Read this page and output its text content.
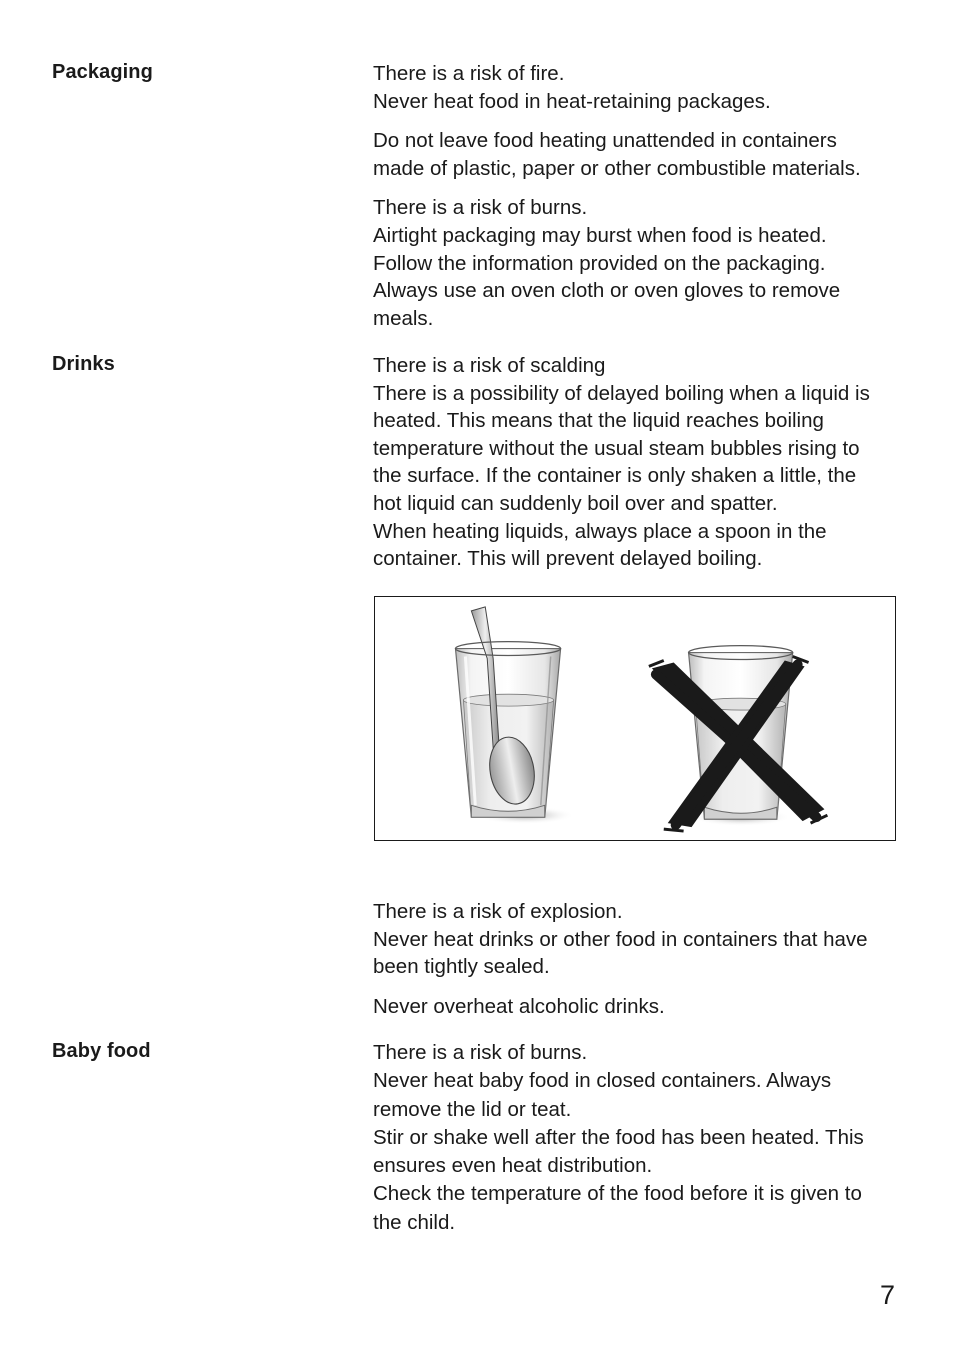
Packaging	There is a risk of fire.
Never heat food in heat-retaining packages.

Do not leave food heating unattended in containers
made of plastic, paper or other combustible materials.

There is a risk of burns.
Airtight packaging may burst when food is heated.
Follow the information provided on the packaging.
Always use an oven cloth or oven gloves to remove
meals.

Drinks	There is a risk of scalding
There is a possibility of delayed boiling when a liquid is
heated. This means that the liquid reaches boiling
temperature without the usual steam bubbles rising to
the surface. If the container is only shaken a little, the
hot liquid can suddenly boil over and spatter.
When heating liquids, always place a spoon in the
container. This will prevent delayed boiling.

There is a risk of explosion.
Never heat drinks or other food in containers that have
been tightly sealed.

Never overheat alcoholic drinks.

Baby food	There is a risk of burns.
Never heat baby food in closed containers. Always
remove the lid or teat.
Stir or shake well after the food has been heated. This
ensures even heat distribution.
Check the temperature of the food before it is given to
the child.

7
